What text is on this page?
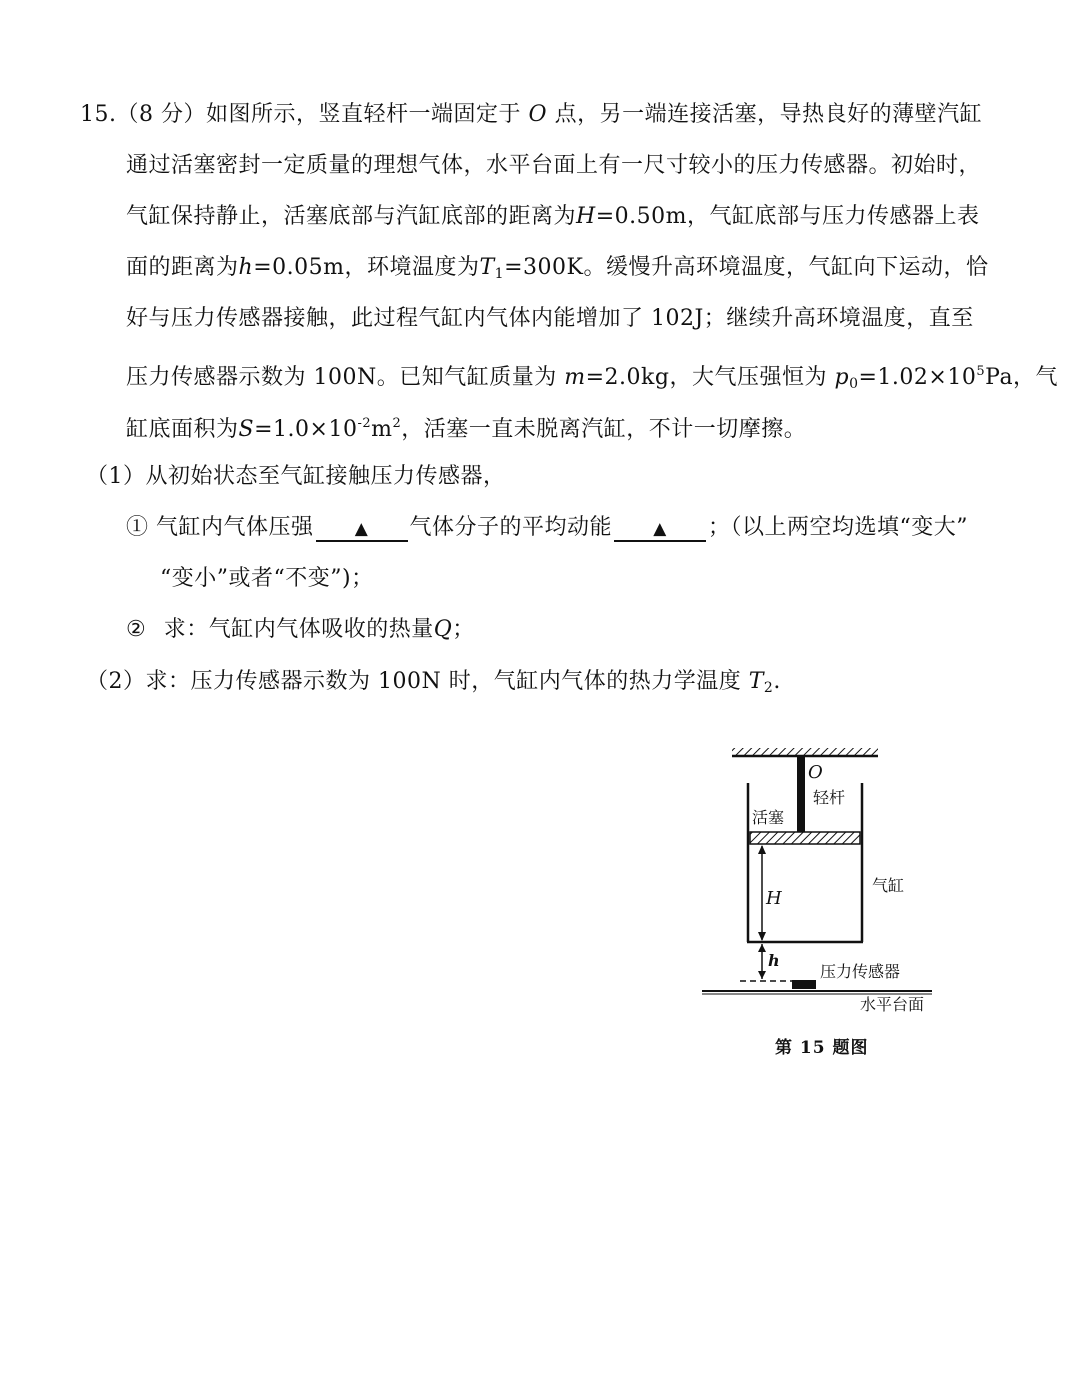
15.（8 分）如图所示，竖直轻杆一端固定于 O 点，另一端连接活塞，导热良好的薄壁汽缸
通过活塞密封一定质量的理想气体，水平台面上有一尺寸较小的压力传感器。初始时，
气缸保持静止，活塞底部与汽缸底部的距离为H=0.50m，气缸底部与压力传感器上表
面的距离为h=0.05m，环境温度为$T_1=300K$。缓慢升高环境温度，气缸向下运动，恰
好与压力传感器接触，此过程气缸内气体内能增加了 102J；继续升高环境温度，直至
压力传感器示数为 100N。已知气缸质量为 m=2.0kg，大气压强恒为 $p_0=1.02\times 10^5Pa$，气
缸底面积为$S=1.0\times 10^{-2}m^2$，活塞一直未脱离汽缸，不计一切摩擦。
（1）从初始状态至气缸接触压力传感器，
① 气缸内气体压强 ▲ 气体分子的平均动能 ▲ ；（以上两空均选填“变大”
“变小”或者“不变”)；
② 求：气缸内气体吸收的热量Q；
（2）求：压力传感器示数为 100N 时，气缸内气体的热力学温度 $T_2$.
O
轻杆
活塞
气缸
H
h
压力传感器
水平台面
第 15 题图
